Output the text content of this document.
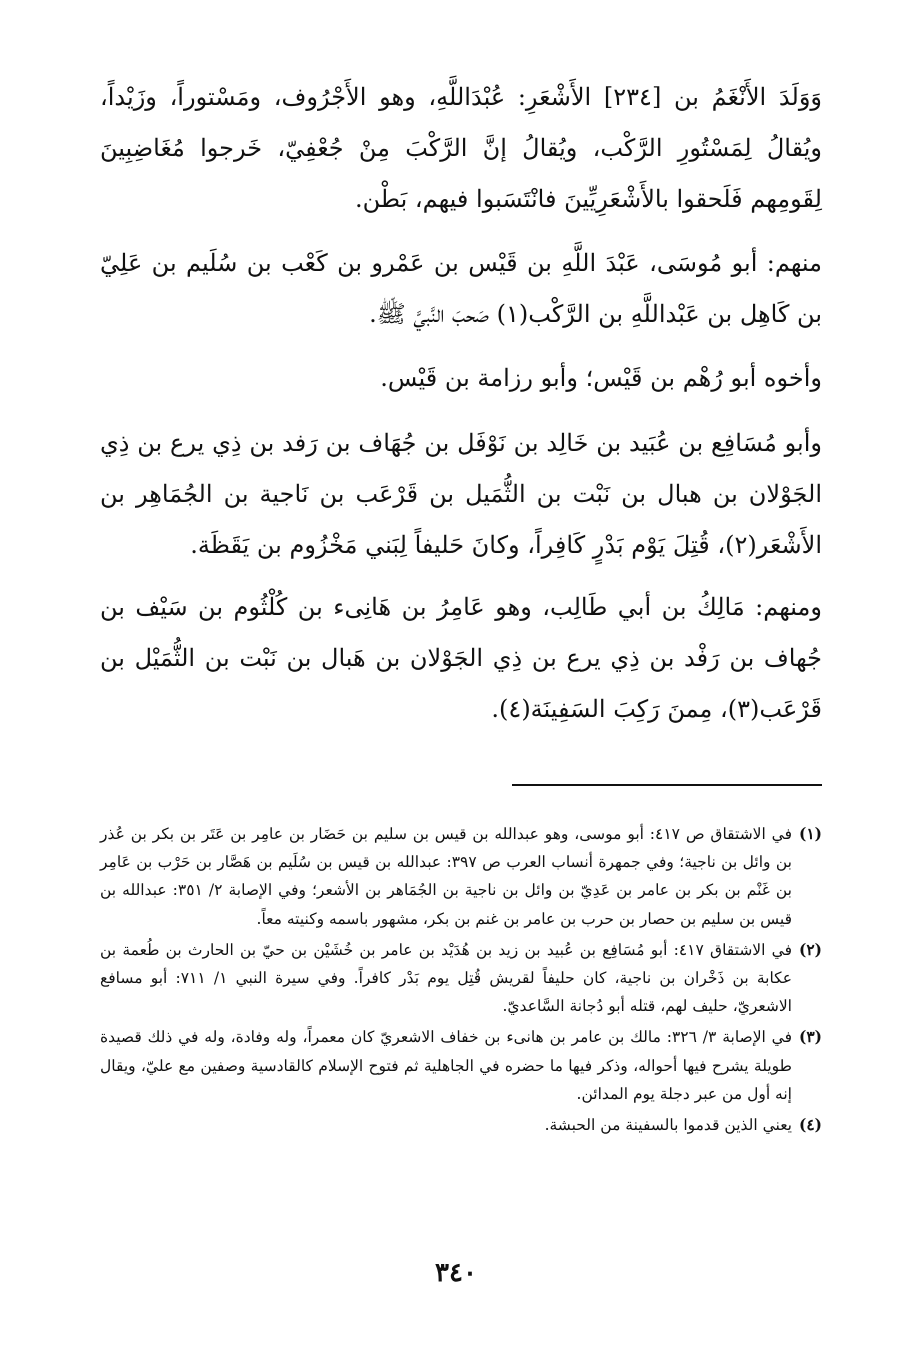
وَوَلَدَ الأَنْغَمُ بن [٢٣٤] الأَشْعَرِ: عُبْدَاللَّهِ، وهو الأَجْرُوف، ومَسْتوراً، وزَيْداً، ويُقالُ لِمَسْتُورِ الرَّكْب، ويُقالُ إنَّ الرَّكْبَ مِنْ جُعْفِيّ، خَرجوا مُغَاضِبِينَ لِقَومِهم فَلَحقوا بالأَشْعَرِيِّينَ فانْتَسَبوا فيهم، بَطْن.

منهم: أبو مُوسَى، عَبْدَ اللَّهِ بن قَيْس بن عَمْرو بن كَعْب بن سُلَيم بن عَلِيّ بن كَاهِل بن عَبْداللَّهِ بن الرَّكْب(١) صَحبَ النَّبيَّ ﷺ.

وأخوه أبو رُهْم بن قَيْس؛ وأبو رزامة بن قَيْس.

وأبو مُسَافِع بن عُبَيد بن خَالِد بن نَوْفَل بن جُهَاف بن رَفد بن ذِي يرع بن ذِي الجَوْلان بن هبال بن نَبْت بن الثُّمَيل بن قَرْعَب بن نَاجية بن الجُمَاهِر بن الأَشْعَر(٢)، قُتِلَ يَوْم بَدْرٍ كَافِراً، وكانَ حَليفاً لِبَني مَخْزُوم بن يَقَظَة.

ومنهم: مَالِكُ بن أبي طَالِب، وهو عَامِرُ بن هَانِىء بن كُلْثُوم بن سَيْف بن جُهاف بن رَفْد بن ذِي يرع بن ذِي الجَوْلان بن هَبال بن نَبْت بن الثُّمَيْل بن قَرْعَب(٣)، مِمنَ رَكِبَ السَفِينَة(٤).

(١)
في الاشتقاق ص ٤١٧: أبو موسى، وهو عبدالله بن قيس بن سليم بن حَضَار بن عامِر بن عَتَر بن بكر بن عُذر بن وائل بن ناجية؛ وفي جمهرة أنساب العرب ص ٣٩٧: عبدالله بن قيس بن سُلَيم بن هَصَّار بن حَرْب بن عَامِر بن غَنْم بن بكر بن عامر بن عَدِيّ بن وائل بن ناجية بن الجُمَاهر بن الأشعر؛ وفي الإصابة ٢/ ٣٥١: عبدالله بن قيس بن سليم بن حصار بن حرب بن عامر بن غنم بن بكر، مشهور باسمه وكنيته معاً.

(٢)
في الاشتقاق ٤١٧: أبو مُسَافِع بن عُبيد بن زيد بن هُدَيْد بن عامر بن خُشَيْن بن حيّ بن الحارث بن طُعمة بن عكابة بن ذَخْران بن ناجية، كان حليفاً لقريش قُتِل يوم بَدْر كافراً. وفي سيرة النبي ١/ ٧١١: أبو مسافع الاشعريّ، حليف لهم، قتله أبو دُجانة السَّاعديّ.

(٣)
في الإصابة ٣/ ٣٢٦: مالك بن عامر بن هانىء بن خفاف الاشعريّ كان معمراً، وله وفادة، وله في ذلك قصيدة طويلة يشرح فيها أحواله، وذكر فيها ما حضره في الجاهلية ثم فتوح الإسلام كالقادسية وصفين مع عليّ، ويقال إنه أول من عبر دجلة يوم المدائن.

(٤)
يعني الذين قدموا بالسفينة من الحبشة.

٣٤٠
